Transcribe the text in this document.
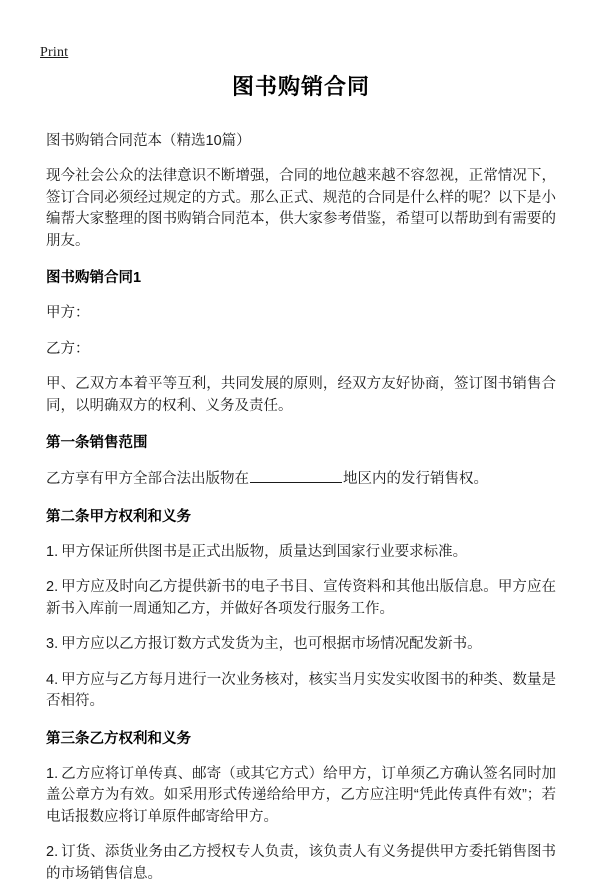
Print
图书购销合同
图书购销合同范本（精选10篇）

现今社会公众的法律意识不断增强，合同的地位越来越不容忽视，正常情况下，签订合同必须经过规定的方式。那么正式、规范的合同是什么样的呢？以下是小编帮大家整理的图书购销合同范本，供大家参考借鉴，希望可以帮助到有需要的朋友。

图书购销合同1

甲方：

乙方：

甲、乙双方本着平等互利，共同发展的原则，经双方友好协商，签订图书销售合同，以明确双方的权利、义务及责任。

第一条销售范围

乙方享有甲方全部合法出版物在	地区内的发行销售权。

第二条甲方权利和义务

1. 甲方保证所供图书是正式出版物，质量达到国家行业要求标准。

2. 甲方应及时向乙方提供新书的电子书目、宣传资料和其他出版信息。甲方应在新书入库前一周通知乙方，并做好各项发行服务工作。

3. 甲方应以乙方报订数方式发货为主，也可根据市场情况配发新书。

4. 甲方应与乙方每月进行一次业务核对，核实当月实发实收图书的种类、数量是否相符。

第三条乙方权利和义务

1. 乙方应将订单传真、邮寄（或其它方式）给甲方，订单须乙方确认签名同时加盖公章方为有效。如采用形式传递给给甲方，乙方应注明“凭此传真件有效”；若电话报数应将订单原件邮寄给甲方。

2. 订货、添货业务由乙方授权专人负责，该负责人有义务提供甲方委托销售图书的市场销售信息。
